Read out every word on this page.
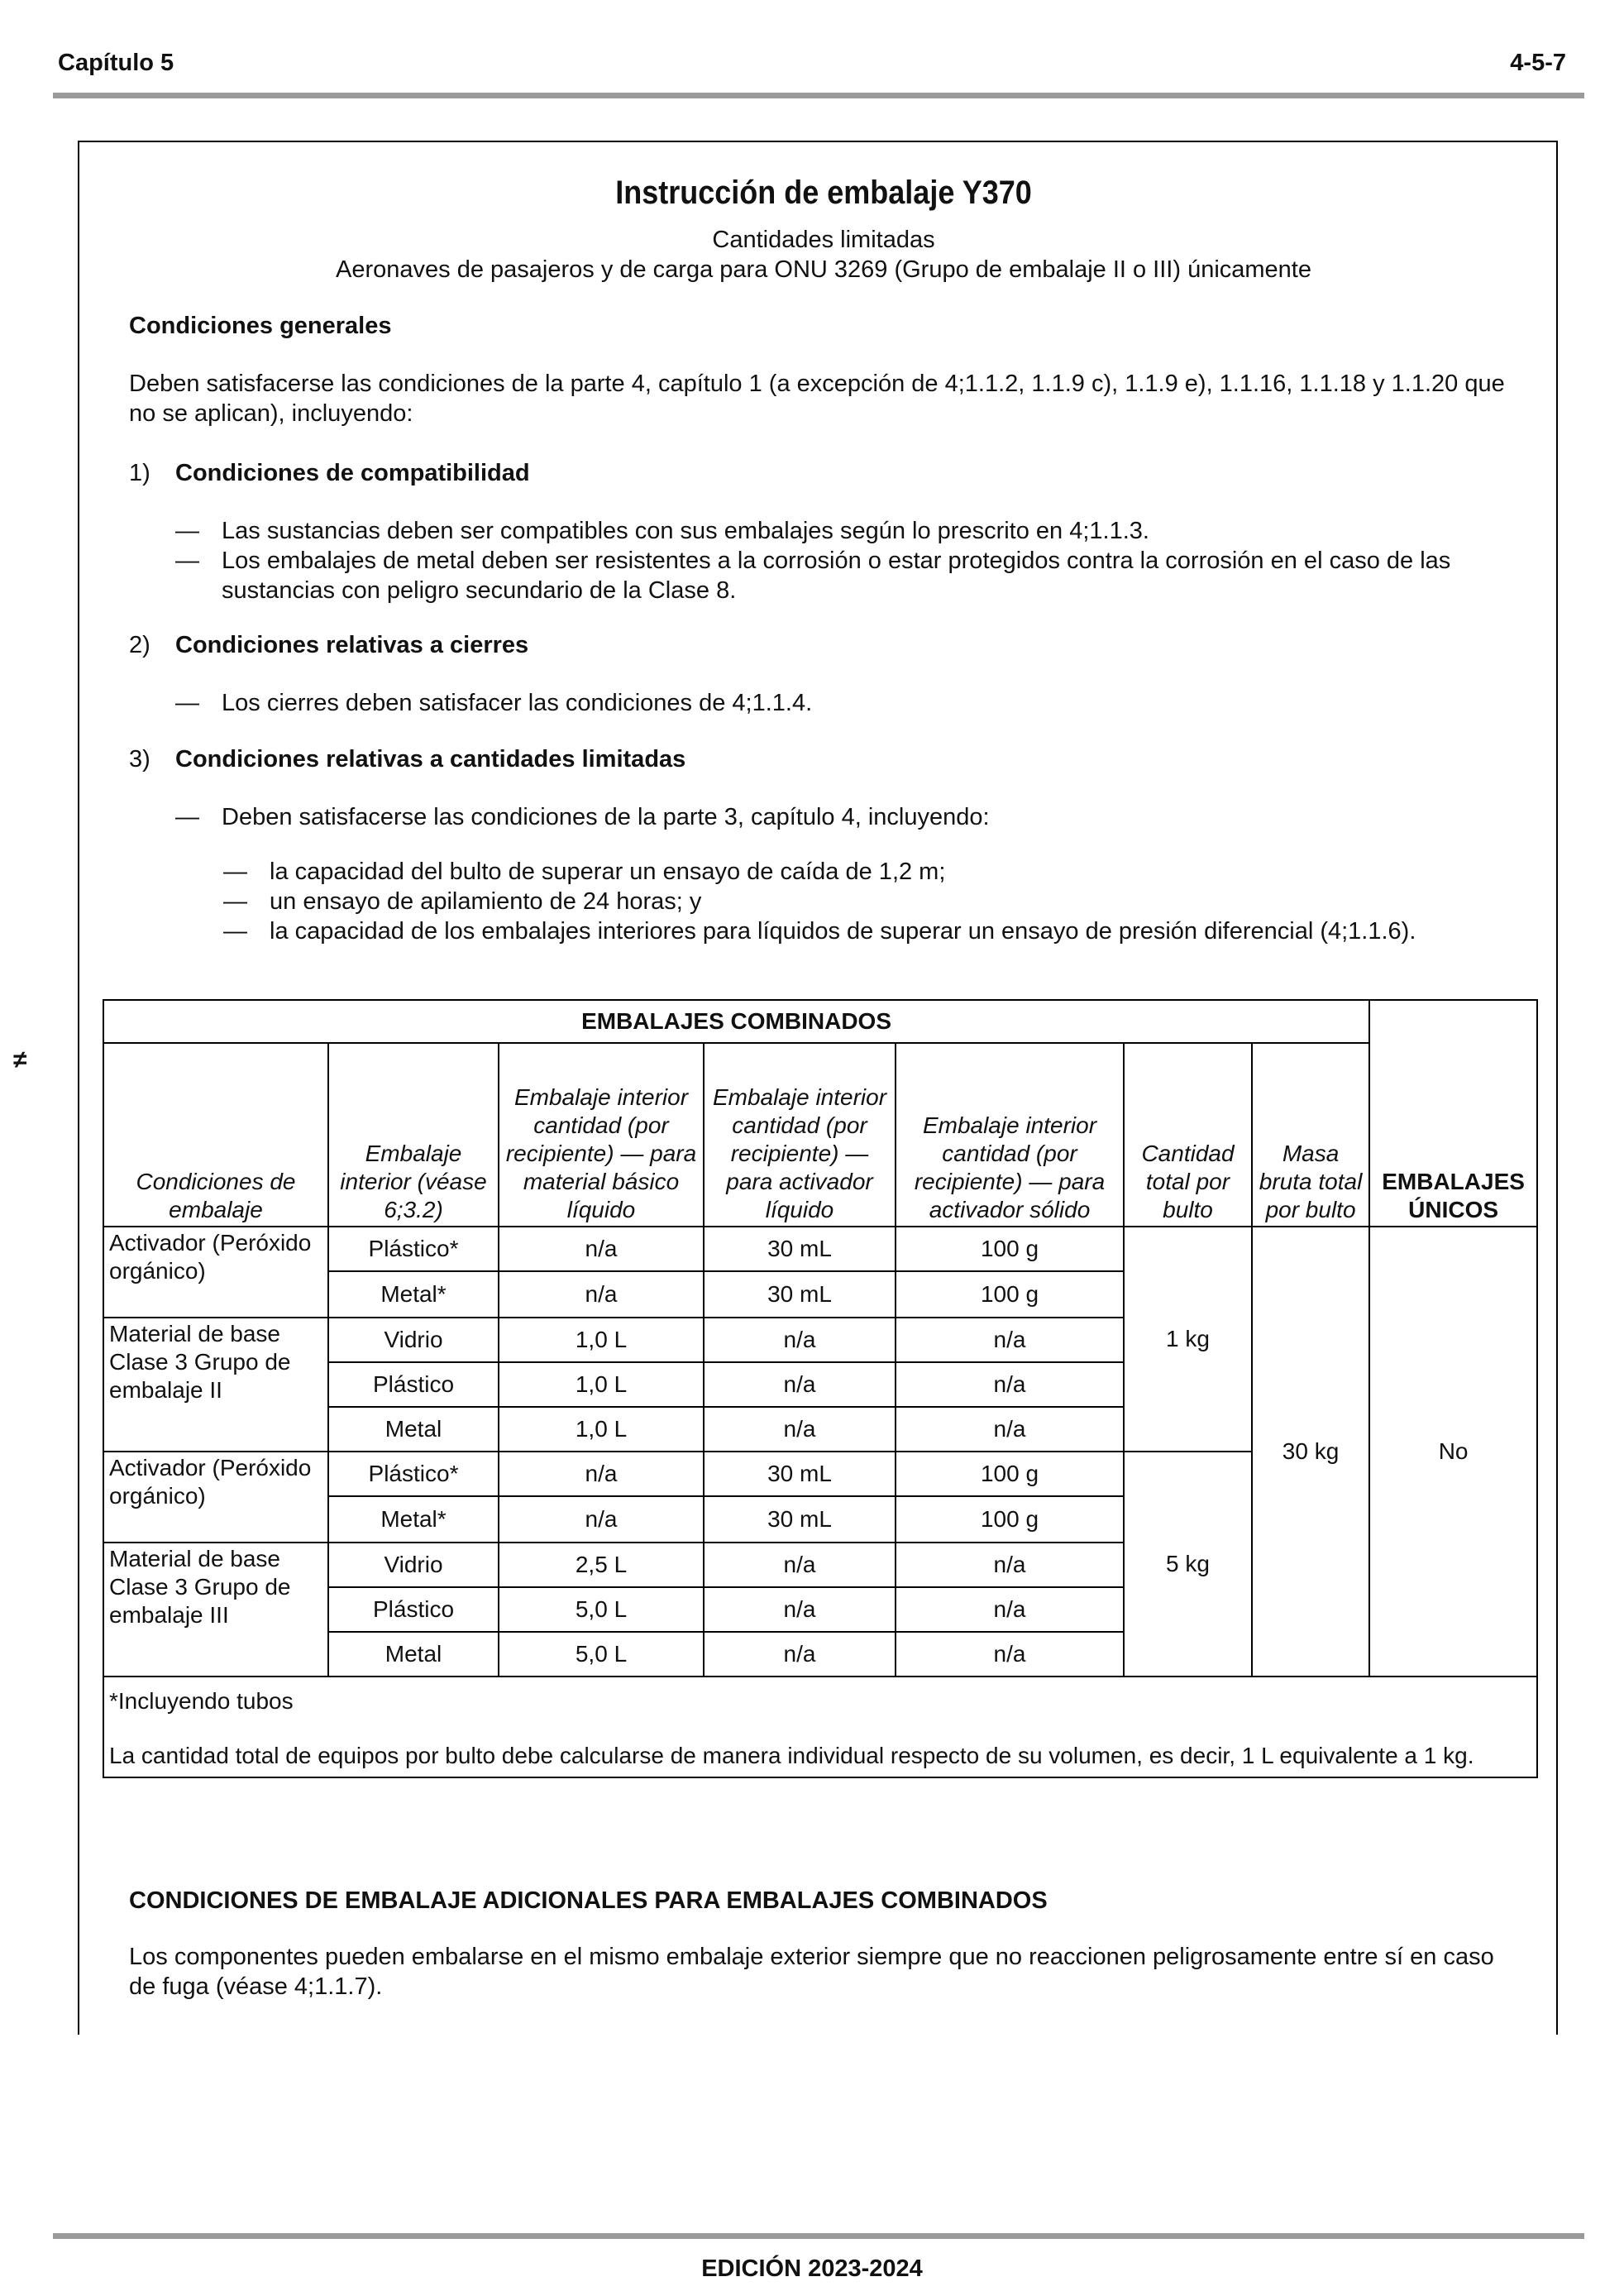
Capítulo 5	4-5-7
≠
Instrucción de embalaje Y370
Cantidades limitadas
Aeronaves de pasajeros y de carga para ONU 3269 (Grupo de embalaje II o III) únicamente
Condiciones generales
Deben satisfacerse las condiciones de la parte 4, capítulo 1 (a excepción de 4;1.1.2, 1.1.9 c), 1.1.9 e), 1.1.16, 1.1.18 y 1.1.20 que no se aplican), incluyendo:
1)	Condiciones de compatibilidad
— Las sustancias deben ser compatibles con sus embalajes según lo prescrito en 4;1.1.3.
— Los embalajes de metal deben ser resistentes a la corrosión o estar protegidos contra la corrosión en el caso de las sustancias con peligro secundario de la Clase 8.
2)	Condiciones relativas a cierres
— Los cierres deben satisfacer las condiciones de 4;1.1.4.
3)	Condiciones relativas a cantidades limitadas
— Deben satisfacerse las condiciones de la parte 3, capítulo 4, incluyendo:
— la capacidad del bulto de superar un ensayo de caída de 1,2 m;
— un ensayo de apilamiento de 24 horas; y
— la capacidad de los embalajes interiores para líquidos de superar un ensayo de presión diferencial (4;1.1.6).
EMBALAJES COMBINADOS							EMBALAJES ÚNICOS
Condiciones de embalaje	Embalaje interior (véase 6;3.2)	Embalaje interior cantidad (por recipiente) — para material básico líquido	Embalaje interior cantidad (por recipiente) — para activador líquido	Embalaje interior cantidad (por recipiente) — para activador sólido	Cantidad total por bulto	Masa bruta total por bulto	
Activador (Peróxido orgánico)	Plástico*	n/a	30 mL	100 g	1 kg	30 kg	No
	Metal*	n/a	30 mL	100 g			
Material de base Clase 3 Grupo de embalaje II	Vidrio	1,0 L	n/a	n/a			
	Plástico	1,0 L	n/a	n/a			
	Metal	1,0 L	n/a	n/a			
Activador (Peróxido orgánico)	Plástico*	n/a	30 mL	100 g	5 kg		
	Metal*	n/a	30 mL	100 g			
Material de base Clase 3 Grupo de embalaje III	Vidrio	2,5 L	n/a	n/a			
	Plástico	5,0 L	n/a	n/a			
	Metal	5,0 L	n/a	n/a			

*Incluyendo tubos

La cantidad total de equipos por bulto debe calcularse de manera individual respecto de su volumen, es decir, 1 L equivalente a 1 kg.							

CONDICIONES DE EMBALAJE ADICIONALES PARA EMBALAJES COMBINADOS
Los componentes pueden embalarse en el mismo embalaje exterior siempre que no reaccionen peligrosamente entre sí en caso de fuga (véase 4;1.1.7).
EDICIÓN 2023-2024
